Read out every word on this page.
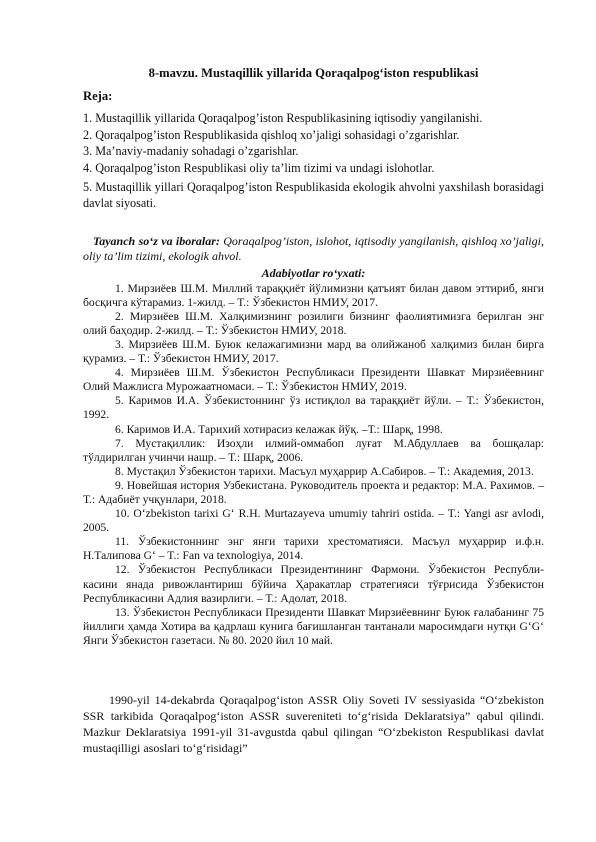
8-mavzu. Mustaqillik yillarida Qoraqalpog‘iston respublikasi

Reja:

1. Mustaqillik yillarida Qoraqalpog’iston Respublikasining iqtisodiy yangilanishi.

2. Qoraqalpog’iston Respublikasida qishloq xo’jaligi sohasidagi o’zgarishlar.

3. Ma’naviy-madaniy sohadagi o’zgarishlar.

4. Qoraqalpog’iston Respublikasi oliy ta’lim tizimi va undagi islohotlar.

5. Mustaqillik yillari Qoraqalpog’iston Respublikasida ekologik ahvolni yaxshilash borasidagi davlat siyosati.

Tayanch so‘z va iboralar: Qoraqalpog’iston, islohot, iqtisodiy yangilanish, qishloq xo’jaligi, oliy ta’lim tizimi, ekologik ahvol.

Adabiyotlar ro‘yxati:

1. Мирзиёев Ш.М. Миллий тараққиёт йўлимизни қатъият билан давом эттириб, янги босқичга кўтарамиз. 1-жилд. – Т.: Ўзбекистон НМИУ, 2017.

2. Мирзиёев Ш.М. Халқимизнинг розилиги бизнинг фаолиятимизга берилган энг олий баҳодир. 2-жилд. – Т.: Ўзбекистон НМИУ, 2018.

3. Мирзиёев Ш.М. Буюк келажагимизни мард ва олийжаноб халқимиз билан бирга қурамиз. – Т.: Ўзбекистон НМИУ, 2017.

4. Мирзиёев Ш.М. Ўзбекистон Республикаси Президенти Шавкат Мирзиёевнинг Олий Мажлисга Мурожаатномаси. – Т.: Ўзбекистон НМИУ, 2019.

5. Каримов И.А. Ўзбекистоннинг ўз истиқлол ва тараққиёт йўли. – Т.: Ўзбекистон, 1992.

6. Каримов И.А. Тарихий хотирасиз келажак йўқ. –Т.: Шарқ, 1998.

7. Мустақиллик: Изоҳли илмий-оммабоп луғат М.Абдуллаев ва бошқалар: тўлдирилган учинчи нашр. – Т.: Шарқ, 2006.

8. Мустақил Ўзбекистон тарихи. Масъул муҳаррир А.Сабиров. – Т.: Академия, 2013.

9. Новейшая история Узбекистана. Руководитель проекта и редактор: М.А. Рахимов. – Т.: Адабиёт учқунлари, 2018.

10. O‘zbekiston tarixi G‘ R.H. Murtazayeva umumiy tahriri ostida. – T.: Yangi asr avlodi, 2005.

11. Ўзбекистоннинг энг янги тарихи хрестоматияси. Масъул муҳаррир и.ф.н. Н.Талипова G‘ – T.: Fan va texnologiya, 2014.

12. Ўзбекистон Республикаси Президентининг Фармони. Ўзбекистон Республи-касини янада ривожлантириш бўйича Ҳаракатлар стратегияси тўғрисида Ўзбекистон Республикасини Адлия вазирлиги. – Т.: Адолат, 2018.

13. Ўзбекистон Республикаси Президенти Шавкат Мирзиёевнинг Буюк ғалабанинг 75 йиллиги ҳамда Хотира ва қадрлаш кунига бағишланган тантанали маросимдаги нутқи G‘G‘ Янги Ўзбекистон газетаси. № 80. 2020 йил 10 май.

1990-yil 14-dekabrda Qoraqalpog‘iston ASSR Oliy Soveti IV sessiyasida “O‘zbekiston SSR tarkibida Qoraqalpog‘iston ASSR suvereniteti to‘g‘risida Deklaratsiya” qabul qilindi. Mazkur Deklaratsiya 1991-yil 31-avgustda qabul qilingan “O‘zbekiston Respublikasi davlat mustaqilligi asoslari to‘g‘risidagi”
